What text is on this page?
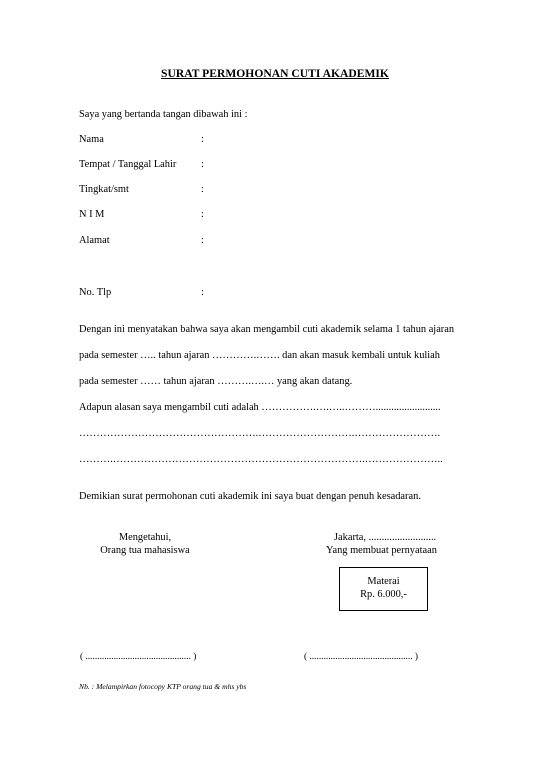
SURAT PERMOHONAN CUTI AKADEMIK
Saya yang bertanda tangan dibawah ini :
Nama	:
Tempat / Tanggal Lahir :
Tingkat/smt	:
N I M	:
Alamat	:
No. Tlp	:
Dengan ini menyatakan bahwa saya akan mengambil cuti akademik selama 1 tahun ajaran
pada semester ….. tahun ajaran ………….……. dan akan masuk kembali untuk kuliah
pada semester …… tahun ajaran ……….….… yang akan datang.
Adapun alasan saya mengambil cuti adalah …………….….…..……….........................
…………………………………………….……………………….…………………….
……….……………………………………………………………….…………………..
Demikian surat permohonan cuti akademik ini saya buat dengan penuh kesadaran.
Mengetahui,
Orang tua mahasiswa
Jakarta, ..........................
Yang membuat pernyataan
Materai
Rp. 6.000,-
( ............................................. )	( ............................................ )
Nb. : Melampirkan fotocopy KTP orang tua & mhs ybs
